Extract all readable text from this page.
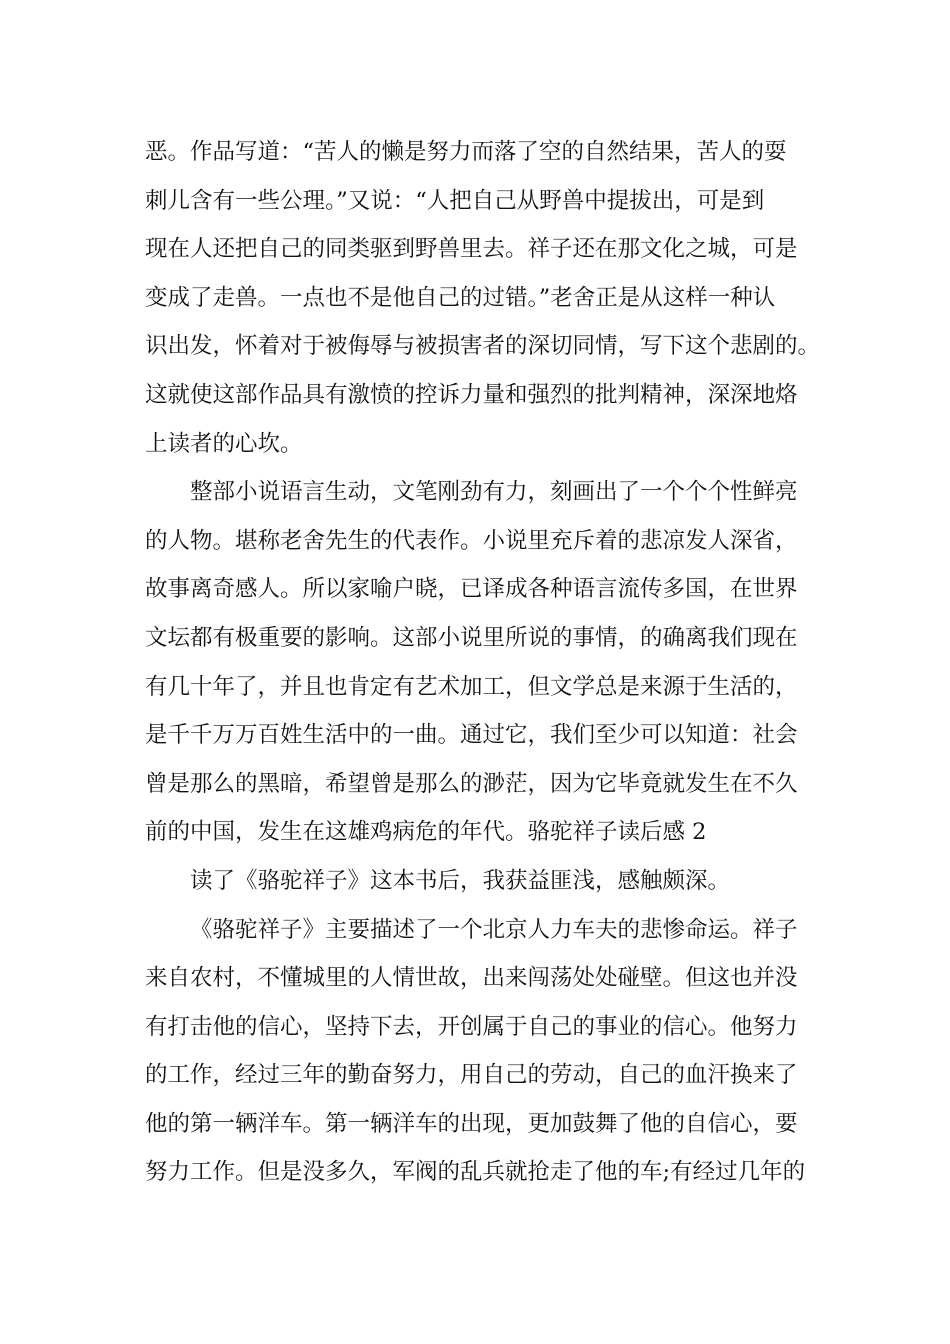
恶。作品写道：“苦人的懒是努力而落了空的自然结果，苦人的耍
刺儿含有一些公理。”又说：“人把自己从野兽中提拔出，可是到
现在人还把自己的同类驱到野兽里去。祥子还在那文化之城，可是
变成了走兽。一点也不是他自己的过错。”老舍正是从这样一种认
识出发，怀着对于被侮辱与被损害者的深切同情，写下这个悲剧的。
这就使这部作品具有激愤的控诉力量和强烈的批判精神，深深地烙
上读者的心坎。
整部小说语言生动，文笔刚劲有力，刻画出了一个个个性鲜亮
的人物。堪称老舍先生的代表作。小说里充斥着的悲凉发人深省，
故事离奇感人。所以家喻户晓，已译成各种语言流传多国，在世界
文坛都有极重要的影响。这部小说里所说的事情，的确离我们现在
有几十年了，并且也肯定有艺术加工，但文学总是来源于生活的，
是千千万万百姓生活中的一曲。通过它，我们至少可以知道：社会
曾是那么的黑暗，希望曾是那么的渺茫，因为它毕竟就发生在不久
前的中国，发生在这雄鸡病危的年代。骆驼祥子读后感 2
读了《骆驼祥子》这本书后，我获益匪浅，感触颇深。
《骆驼祥子》主要描述了一个北京人力车夫的悲惨命运。祥子
来自农村，不懂城里的人情世故，出来闯荡处处碰壁。但这也并没
有打击他的信心，坚持下去，开创属于自己的事业的信心。他努力
的工作，经过三年的勤奋努力，用自己的劳动，自己的血汗换来了
他的第一辆洋车。第一辆洋车的出现，更加鼓舞了他的自信心，要
努力工作。但是没多久，军阀的乱兵就抢走了他的车;有经过几年的
